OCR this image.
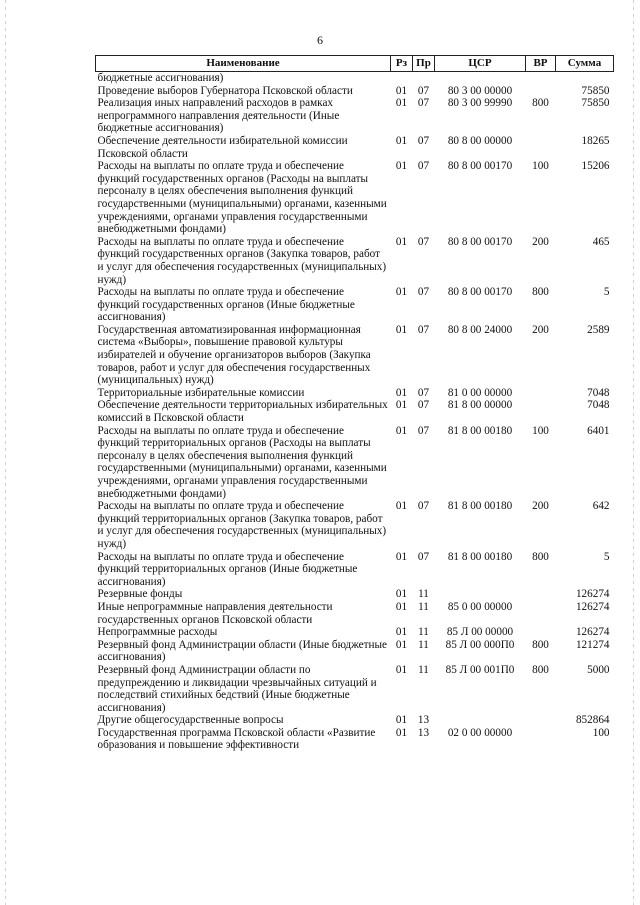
6
Наименование	Рз	Пр	ЦСР	ВР	Сумма
бюджетные ассигнования)					
Проведение выборов Губернатора Псковской области	01	07	80 3 00 00000		75850
Реализация иных направлений расходов в рамках непрограммного направления деятельности (Иные бюджетные ассигнования)	01	07	80 3 00 99990	800	75850
Обеспечение деятельности избирательной комиссии Псковской области	01	07	80 8 00 00000		18265
Расходы на выплаты по оплате труда и обеспечение функций государственных органов (Расходы на выплаты персоналу в целях обеспечения выполнения функций государственными (муниципальными) органами, казенными учреждениями, органами управления государственными внебюджетными фондами)	01	07	80 8 00 00170	100	15206
Расходы на выплаты по оплате труда и обеспечение функций государственных органов (Закупка товаров, работ и услуг для обеспечения государственных (муниципальных) нужд)	01	07	80 8 00 00170	200	465
Расходы на выплаты по оплате труда и обеспечение функций государственных органов (Иные бюджетные ассигнования)	01	07	80 8 00 00170	800	5
Государственная автоматизированная информационная система «Выборы», повышение правовой культуры избирателей и обучение организаторов выборов (Закупка товаров, работ и услуг для обеспечения государственных (муниципальных) нужд)	01	07	80 8 00 24000	200	2589
Территориальные избирательные комиссии	01	07	81 0 00 00000		7048
Обеспечение деятельности территориальных избирательных комиссий в Псковской области	01	07	81 8 00 00000		7048
Расходы на выплаты по оплате труда и обеспечение функций территориальных органов (Расходы на выплаты персоналу в целях обеспечения выполнения функций государственными (муниципальными) органами, казенными учреждениями, органами управления государственными внебюджетными фондами)	01	07	81 8 00 00180	100	6401
Расходы на выплаты по оплате труда и обеспечение функций территориальных органов (Закупка товаров, работ и услуг для обеспечения государственных (муниципальных) нужд)	01	07	81 8 00 00180	200	642
Расходы на выплаты по оплате труда и обеспечение функций территориальных органов (Иные бюджетные ассигнования)	01	07	81 8 00 00180	800	5
Резервные фонды	01	11			126274
Иные непрограммные направления деятельности государственных органов Псковской области	01	11	85 0 00 00000		126274
Непрограммные расходы	01	11	85 Л 00 00000		126274
Резервный фонд Администрации области (Иные бюджетные ассигнования)	01	11	85 Л 00 000П0	800	121274
Резервный фонд Администрации области по предупреждению и ликвидации чрезвычайных ситуаций и последствий стихийных бедствий (Иные бюджетные ассигнования)	01	11	85 Л 00 001П0	800	5000
Другие общегосударственные вопросы	01	13			852864
Государственная программа Псковской области «Развитие образования и повышение эффективности	01	13	02 0 00 00000		100
